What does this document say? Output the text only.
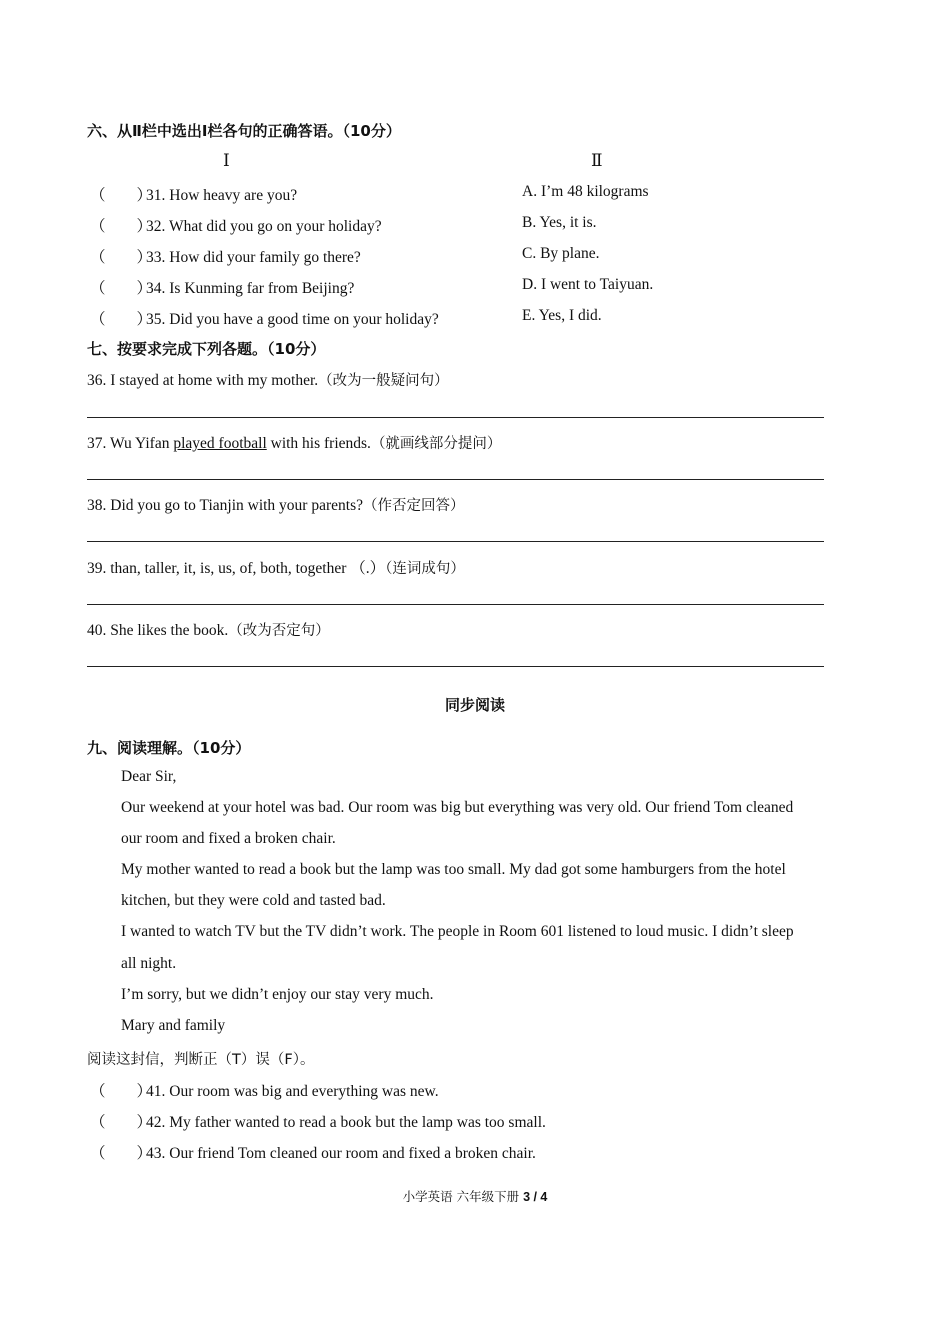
六、从Ⅱ栏中选出Ⅰ栏各句的正确答语。（10分）
Ⅰ	Ⅱ
（　　）31. How heavy are you?	A. I’m 48 kilograms
（　　）32. What did you go on your holiday?	B. Yes, it is.
（　　）33. How did your family go there?	C. By plane.
（　　）34. Is Kunming far from Beijing?	D. I went to Taiyuan.
（　　）35. Did you have a good time on your holiday?	E. Yes, I did.
七、按要求完成下列各题。（10分）
36. I stayed at home with my mother.（改为一般疑问句）
37. Wu Yifan played football with his friends.（就画线部分提问）
38. Did you go to Tianjin with your parents?（作否定回答）
39. than, taller, it, is, us, of, both, together （.）（连词成句）
40. She likes the book.（改为否定句）
同步阅读
九、阅读理解。（10分）
Dear Sir,
Our weekend at your hotel was bad. Our room was big but everything was very old. Our friend Tom cleaned
our room and fixed a broken chair.
My mother wanted to read a book but the lamp was too small. My dad got some hamburgers from the hotel
kitchen, but they were cold and tasted bad.
I wanted to watch TV but the TV didn’t work. The people in Room 601 listened to loud music. I didn’t sleep
all night.
I’m sorry, but we didn’t enjoy our stay very much.
Mary and family
阅读这封信，判断正（T）误（F）。
（　　）41. Our room was big and everything was new.
（　　）42. My father wanted to read a book but the lamp was too small.
（　　）43. Our friend Tom cleaned our room and fixed a broken chair.
小学英语 六年级下册 3 / 4
